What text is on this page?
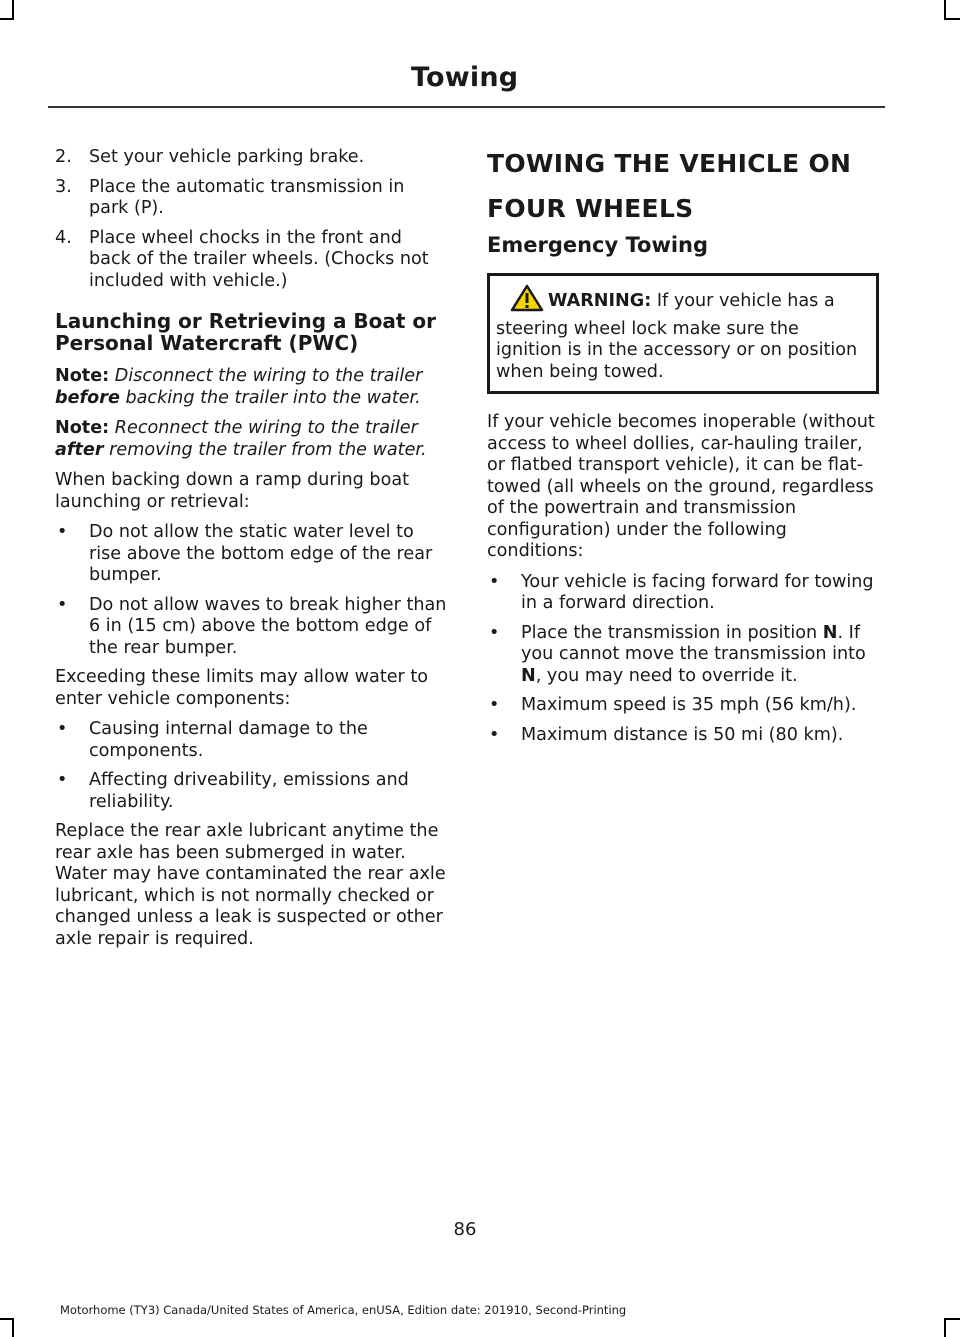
Towing
2. Set your vehicle parking brake.
3. Place the automatic transmission in park (P).
4. Place wheel chocks in the front and back of the trailer wheels. (Chocks not included with vehicle.)
Launching or Retrieving a Boat or Personal Watercraft (PWC)

Note: Disconnect the wiring to the trailer before backing the trailer into the water.

Note: Reconnect the wiring to the trailer after removing the trailer from the water.

When backing down a ramp during boat launching or retrieval:

• Do not allow the static water level to rise above the bottom edge of the rear bumper.
• Do not allow waves to break higher than 6 in (15 cm) above the bottom edge of the rear bumper.

Exceeding these limits may allow water to enter vehicle components:

• Causing internal damage to the components.
• Affecting driveability, emissions and reliability.

Replace the rear axle lubricant anytime the rear axle has been submerged in water. Water may have contaminated the rear axle lubricant, which is not normally checked or changed unless a leak is suspected or other axle repair is required.

TOWING THE VEHICLE ON
FOUR WHEELS
Emergency Towing
WARNING: If your vehicle has a steering wheel lock make sure the ignition is in the accessory or on position when being towed.

If your vehicle becomes inoperable (without access to wheel dollies, car-hauling trailer, or flatbed transport vehicle), it can be flat-towed (all wheels on the ground, regardless of the powertrain and transmission configuration) under the following conditions:

• Your vehicle is facing forward for towing in a forward direction.
• Place the transmission in position N. If you cannot move the transmission into N, you may need to override it.
• Maximum speed is 35 mph (56 km/h).
• Maximum distance is 50 mi (80 km).
86
Motorhome (TY3) Canada/United States of America, enUSA, Edition date: 201910, Second-Printing
